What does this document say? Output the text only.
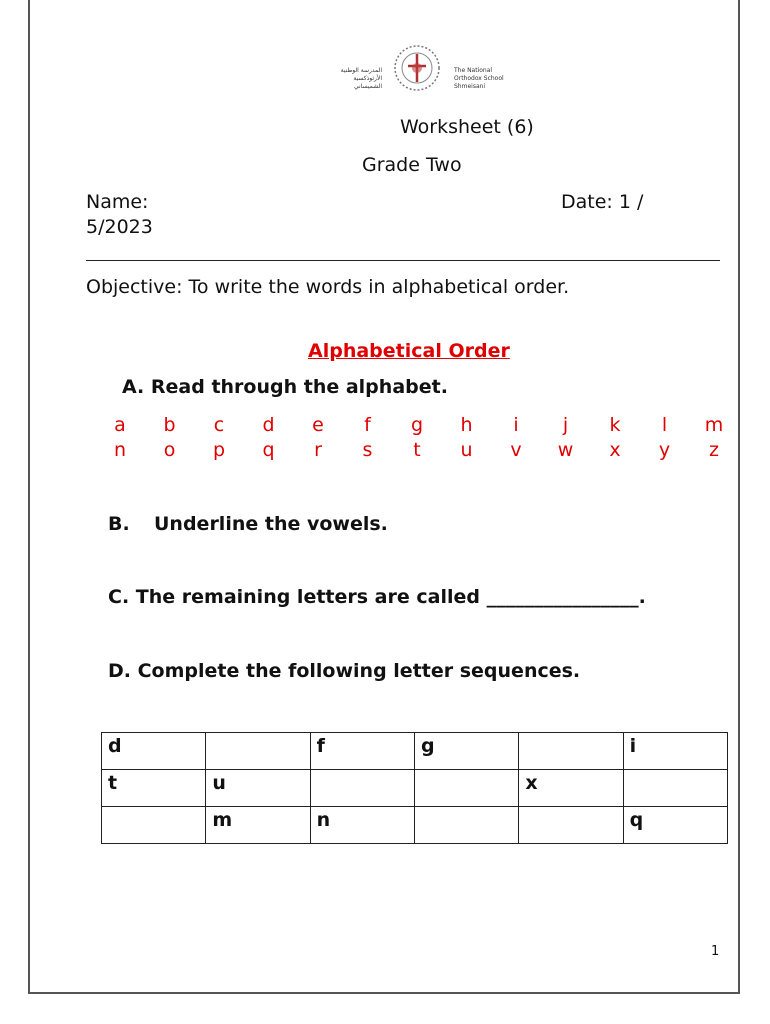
المدرسة الوطنية
الأرثوذكسية
الشميساني
The National
Orthodox School
Shmeisani
Worksheet (6)
Grade Two
Name:	Date: 1 /
5/2023
Objective: To write the words in alphabetical order.
Alphabetical Order
A. Read through the alphabet.
a b c d e	f	g h	i	j	k	l	m
n o p q	r	s	t	u v w x y z
B. Underline the vowels.
C. The remaining letters are called ________________.
D. Complete the following letter sequences.
d		f	g		i
t	u			x	
	m	n			q
1
